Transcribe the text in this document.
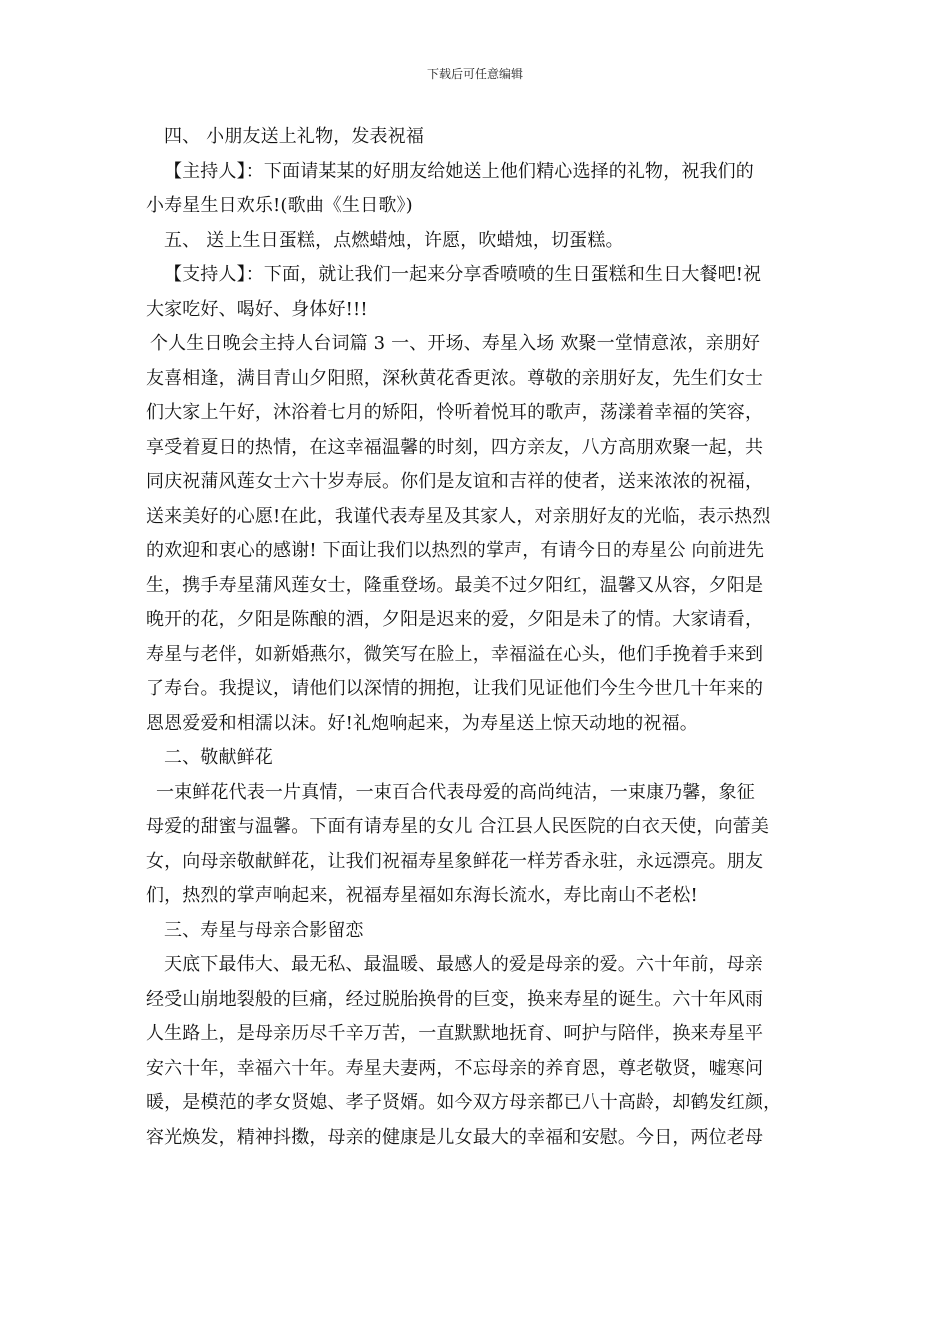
下载后可任意编辑
四、 小朋友送上礼物，发表祝福
【主持人】：下面请某某的好朋友给她送上他们精心选择的礼物，祝我们的
小寿星生日欢乐!(歌曲《生日歌》)
五、 送上生日蛋糕，点燃蜡烛，许愿，吹蜡烛，切蛋糕。
【支持人】：下面，就让我们一起来分享香喷喷的生日蛋糕和生日大餐吧!祝
大家吃好、喝好、身体好!!!
个人生日晚会主持人台词篇 3 一、开场、寿星入场 欢聚一堂情意浓，亲朋好
友喜相逢，满目青山夕阳照，深秋黄花香更浓。尊敬的亲朋好友，先生们女士
们大家上午好，沐浴着七月的矫阳，怜听着悦耳的歌声，荡漾着幸福的笑容，
享受着夏日的热情，在这幸福温馨的时刻，四方亲友，八方高朋欢聚一起，共
同庆祝蒲风莲女士六十岁寿辰。你们是友谊和吉祥的使者，送来浓浓的祝福，
送来美好的心愿!在此，我谨代表寿星及其家人，对亲朋好友的光临，表示热烈
的欢迎和衷心的感谢! 下面让我们以热烈的掌声，有请今日的寿星公 向前进先
生，携手寿星蒲风莲女士，隆重登场。最美不过夕阳红，温馨又从容，夕阳是
晚开的花，夕阳是陈酿的酒，夕阳是迟来的爱，夕阳是未了的情。大家请看，
寿星与老伴，如新婚燕尔，微笑写在脸上，幸福溢在心头，他们手挽着手来到
了寿台。我提议，请他们以深情的拥抱，让我们见证他们今生今世几十年来的
恩恩爱爱和相濡以沫。好!礼炮响起来，为寿星送上惊天动地的祝福。
二、敬献鲜花
一束鲜花代表一片真情，一束百合代表母爱的高尚纯洁，一束康乃馨，象征
母爱的甜蜜与温馨。下面有请寿星的女儿 合江县人民医院的白衣天使，向蕾美
女，向母亲敬献鲜花，让我们祝福寿星象鲜花一样芳香永驻，永远漂亮。朋友
们，热烈的掌声响起来，祝福寿星福如东海长流水，寿比南山不老松!
三、寿星与母亲合影留恋
天底下最伟大、最无私、最温暖、最感人的爱是母亲的爱。六十年前，母亲
经受山崩地裂般的巨痛，经过脱胎换骨的巨变，换来寿星的诞生。六十年风雨
人生路上，是母亲历尽千辛万苦，一直默默地抚育、呵护与陪伴，换来寿星平
安六十年，幸福六十年。寿星夫妻两，不忘母亲的养育恩，尊老敬贤，嘘寒问
暖，是模范的孝女贤媳、孝子贤婿。如今双方母亲都已八十高龄，却鹤发红颜，
容光焕发，精神抖擞，母亲的健康是儿女最大的幸福和安慰。今日，两位老母
